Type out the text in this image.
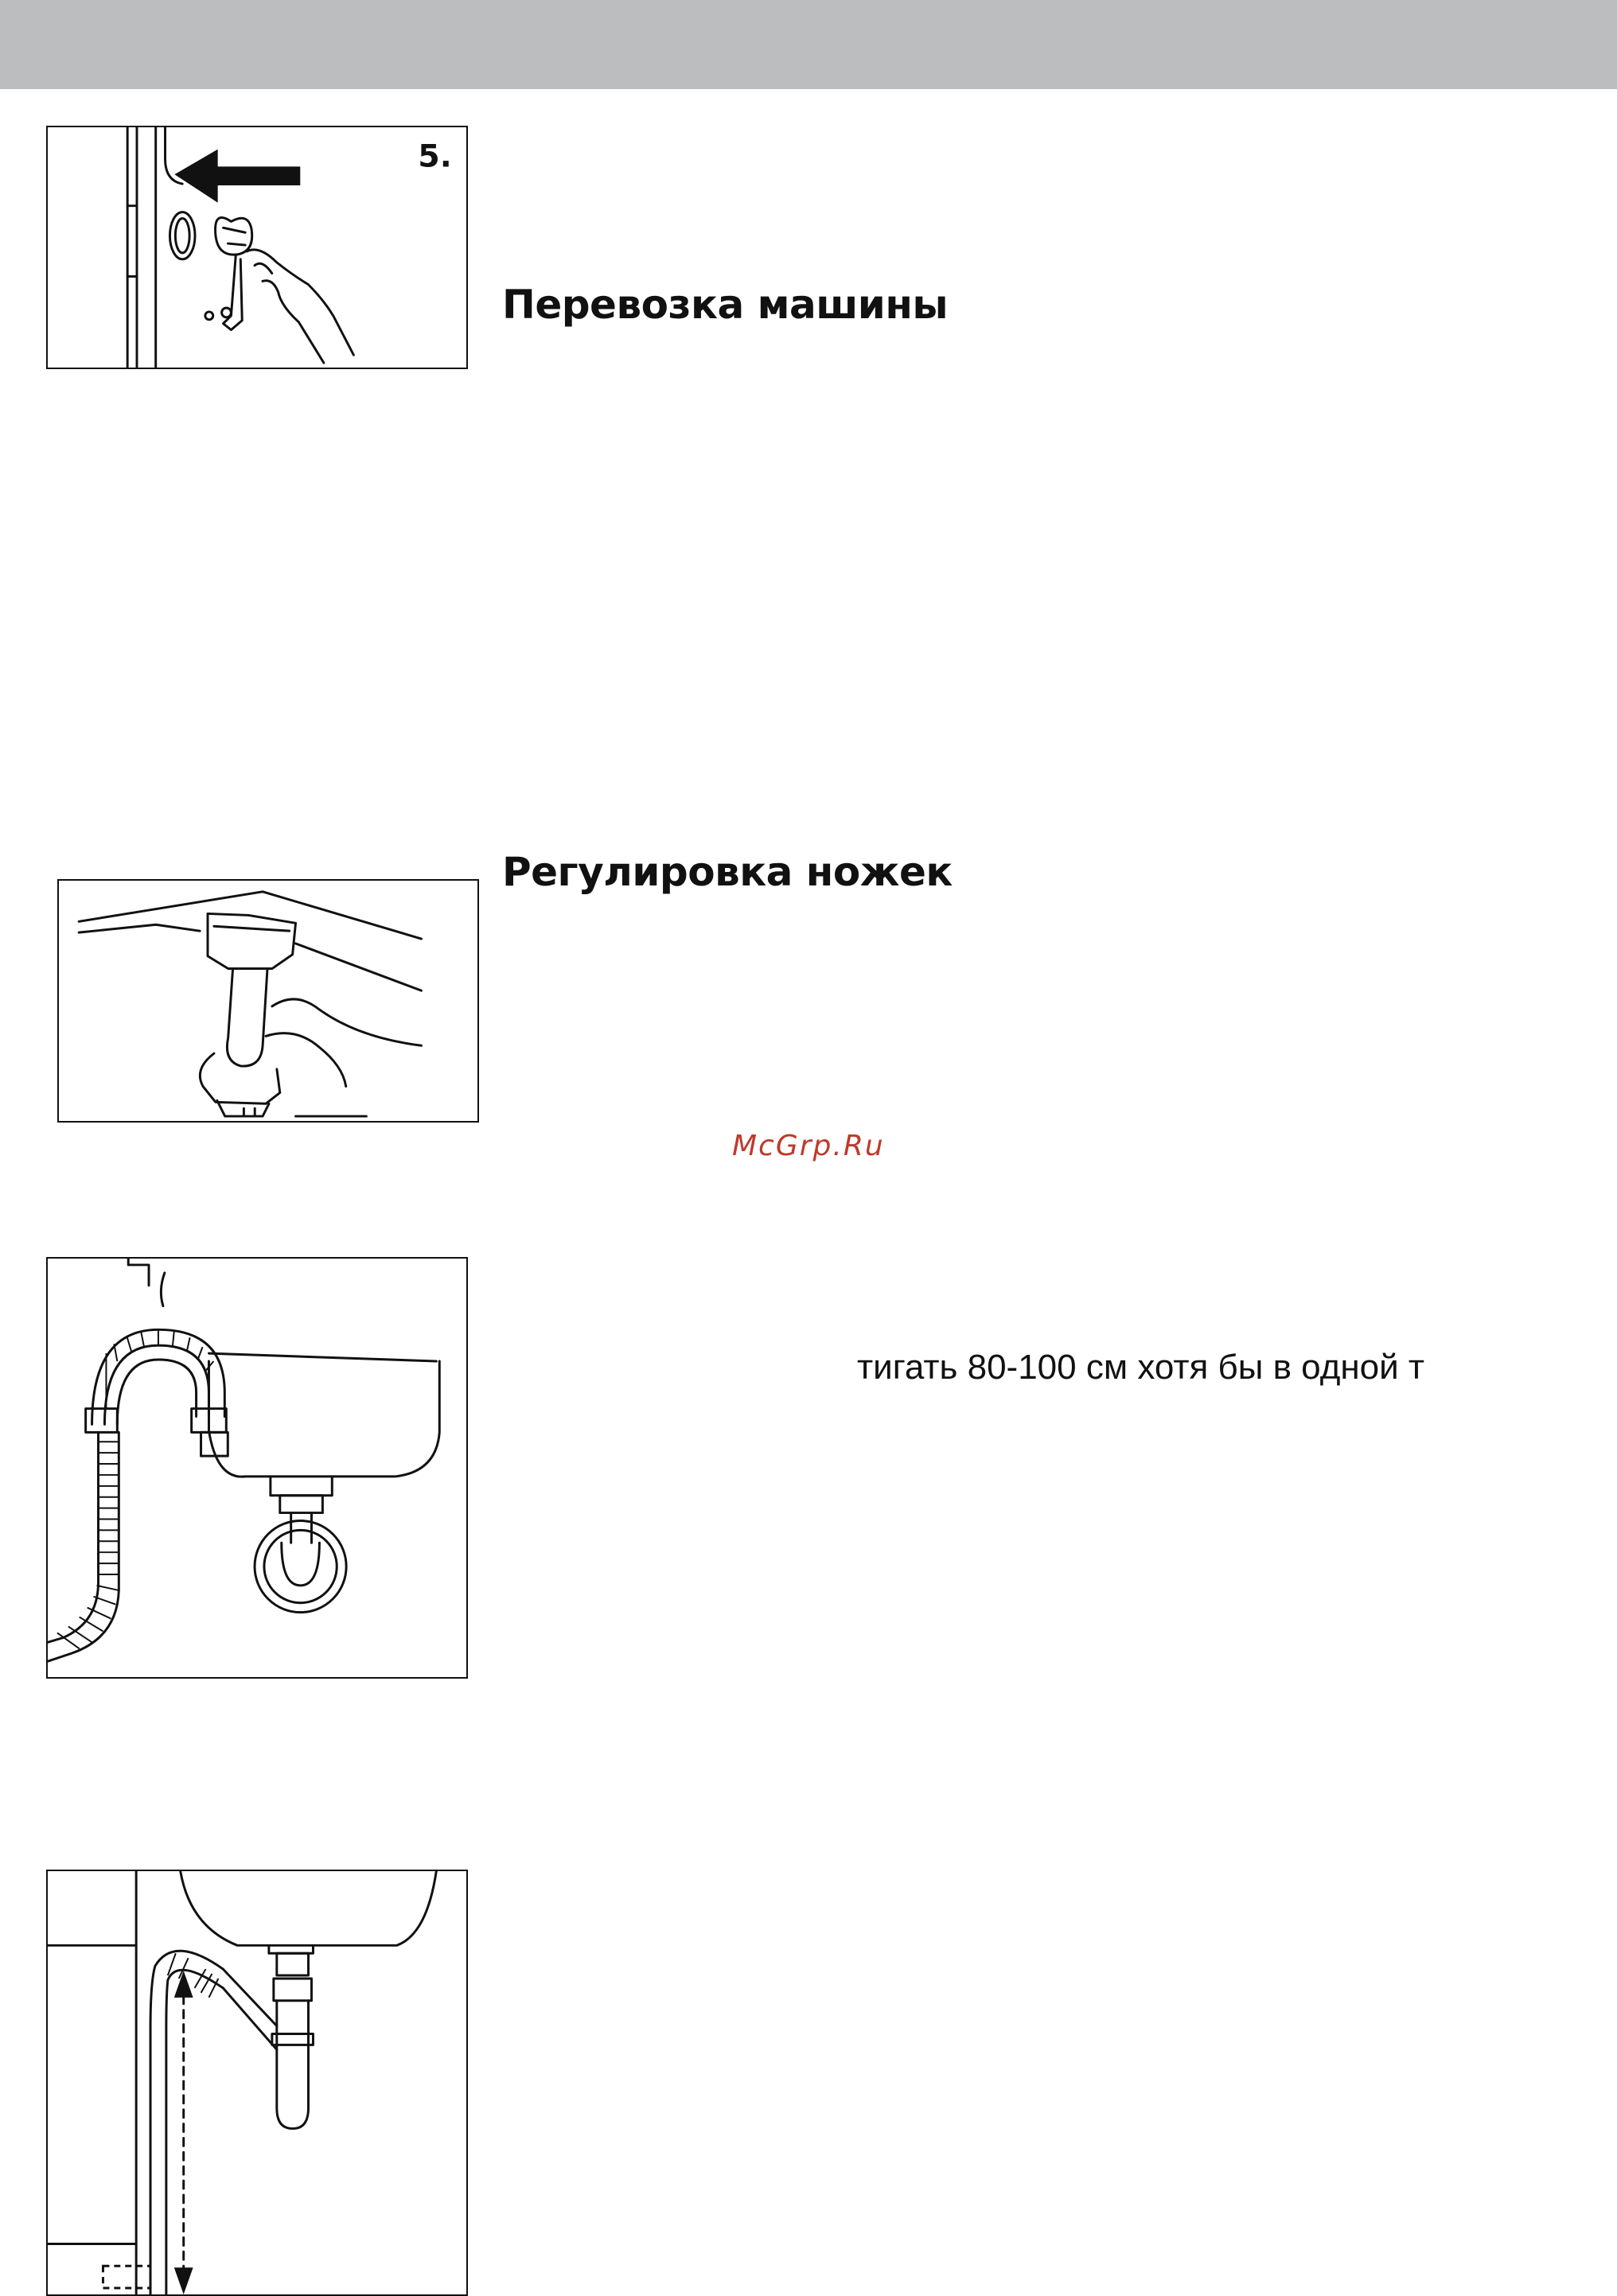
5.
Перевозка машины
Регулировка ножек
McGrp.Ru
тигать 80-100 см хотя бы в одной т
